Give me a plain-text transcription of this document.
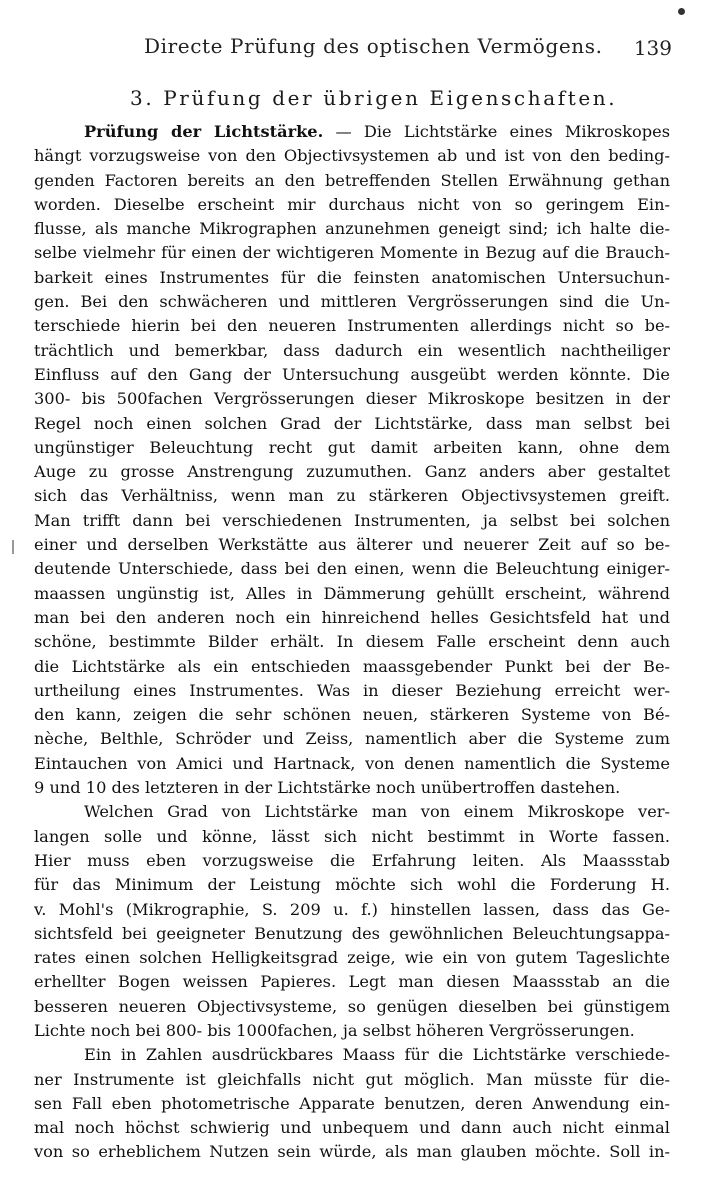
Directe Prüfung des optischen Vermögens. 139
3. Prüfung der übrigen Eigenschaften.
Prüfung der Lichtstärke. — Die Lichtstärke eines Mikroskopes
hängt vorzugsweise von den Objectivsystemen ab und ist von den beding-
genden Factoren bereits an den betreffenden Stellen Erwähnung gethan
worden. Dieselbe erscheint mir durchaus nicht von so geringem Ein-
flusse, als manche Mikrographen anzunehmen geneigt sind; ich halte die-
selbe vielmehr für einen der wichtigeren Momente in Bezug auf die Brauch-
barkeit eines Instrumentes für die feinsten anatomischen Untersuchun-
gen. Bei den schwächeren und mittleren Vergrösserungen sind die Un-
terschiede hierin bei den neueren Instrumenten allerdings nicht so be-
trächtlich und bemerkbar, dass dadurch ein wesentlich nachtheiliger
Einfluss auf den Gang der Untersuchung ausgeübt werden könnte. Die
300- bis 500fachen Vergrösserungen dieser Mikroskope besitzen in der
Regel noch einen solchen Grad der Lichtstärke, dass man selbst bei
ungünstiger Beleuchtung recht gut damit arbeiten kann, ohne dem
Auge zu grosse Anstrengung zuzumuthen. Ganz anders aber gestaltet
sich das Verhältniss, wenn man zu stärkeren Objectivsystemen greift.
Man trifft dann bei verschiedenen Instrumenten, ja selbst bei solchen
einer und derselben Werkstätte aus älterer und neuerer Zeit auf so be-
deutende Unterschiede, dass bei den einen, wenn die Beleuchtung einiger-
maassen ungünstig ist, Alles in Dämmerung gehüllt erscheint, während
man bei den anderen noch ein hinreichend helles Gesichtsfeld hat und
schöne, bestimmte Bilder erhält. In diesem Falle erscheint denn auch
die Lichtstärke als ein entschieden maassgebender Punkt bei der Be-
urtheilung eines Instrumentes. Was in dieser Beziehung erreicht wer-
den kann, zeigen die sehr schönen neuen, stärkeren Systeme von Bé-
nèche, Belthle, Schröder und Zeiss, namentlich aber die Systeme zum
Eintauchen von Amici und Hartnack, von denen namentlich die Systeme
9 und 10 des letzteren in der Lichtstärke noch unübertroffen dastehen.
Welchen Grad von Lichtstärke man von einem Mikroskope ver-
langen solle und könne, lässt sich nicht bestimmt in Worte fassen.
Hier muss eben vorzugsweise die Erfahrung leiten. Als Maassstab
für das Minimum der Leistung möchte sich wohl die Forderung H.
v. Mohl's (Mikrographie, S. 209 u. f.) hinstellen lassen, dass das Ge-
sichtsfeld bei geeigneter Benutzung des gewöhnlichen Beleuchtungsappa-
rates einen solchen Helligkeitsgrad zeige, wie ein von gutem Tageslichte
erhellter Bogen weissen Papieres. Legt man diesen Maassstab an die
besseren neueren Objectivsysteme, so genügen dieselben bei günstigem
Lichte noch bei 800- bis 1000fachen, ja selbst höheren Vergrösserungen.
Ein in Zahlen ausdrückbares Maass für die Lichtstärke verschiede-
ner Instrumente ist gleichfalls nicht gut möglich. Man müsste für die-
sen Fall eben photometrische Apparate benutzen, deren Anwendung ein-
mal noch höchst schwierig und unbequem und dann auch nicht einmal
von so erheblichem Nutzen sein würde, als man glauben möchte. Soll in-
